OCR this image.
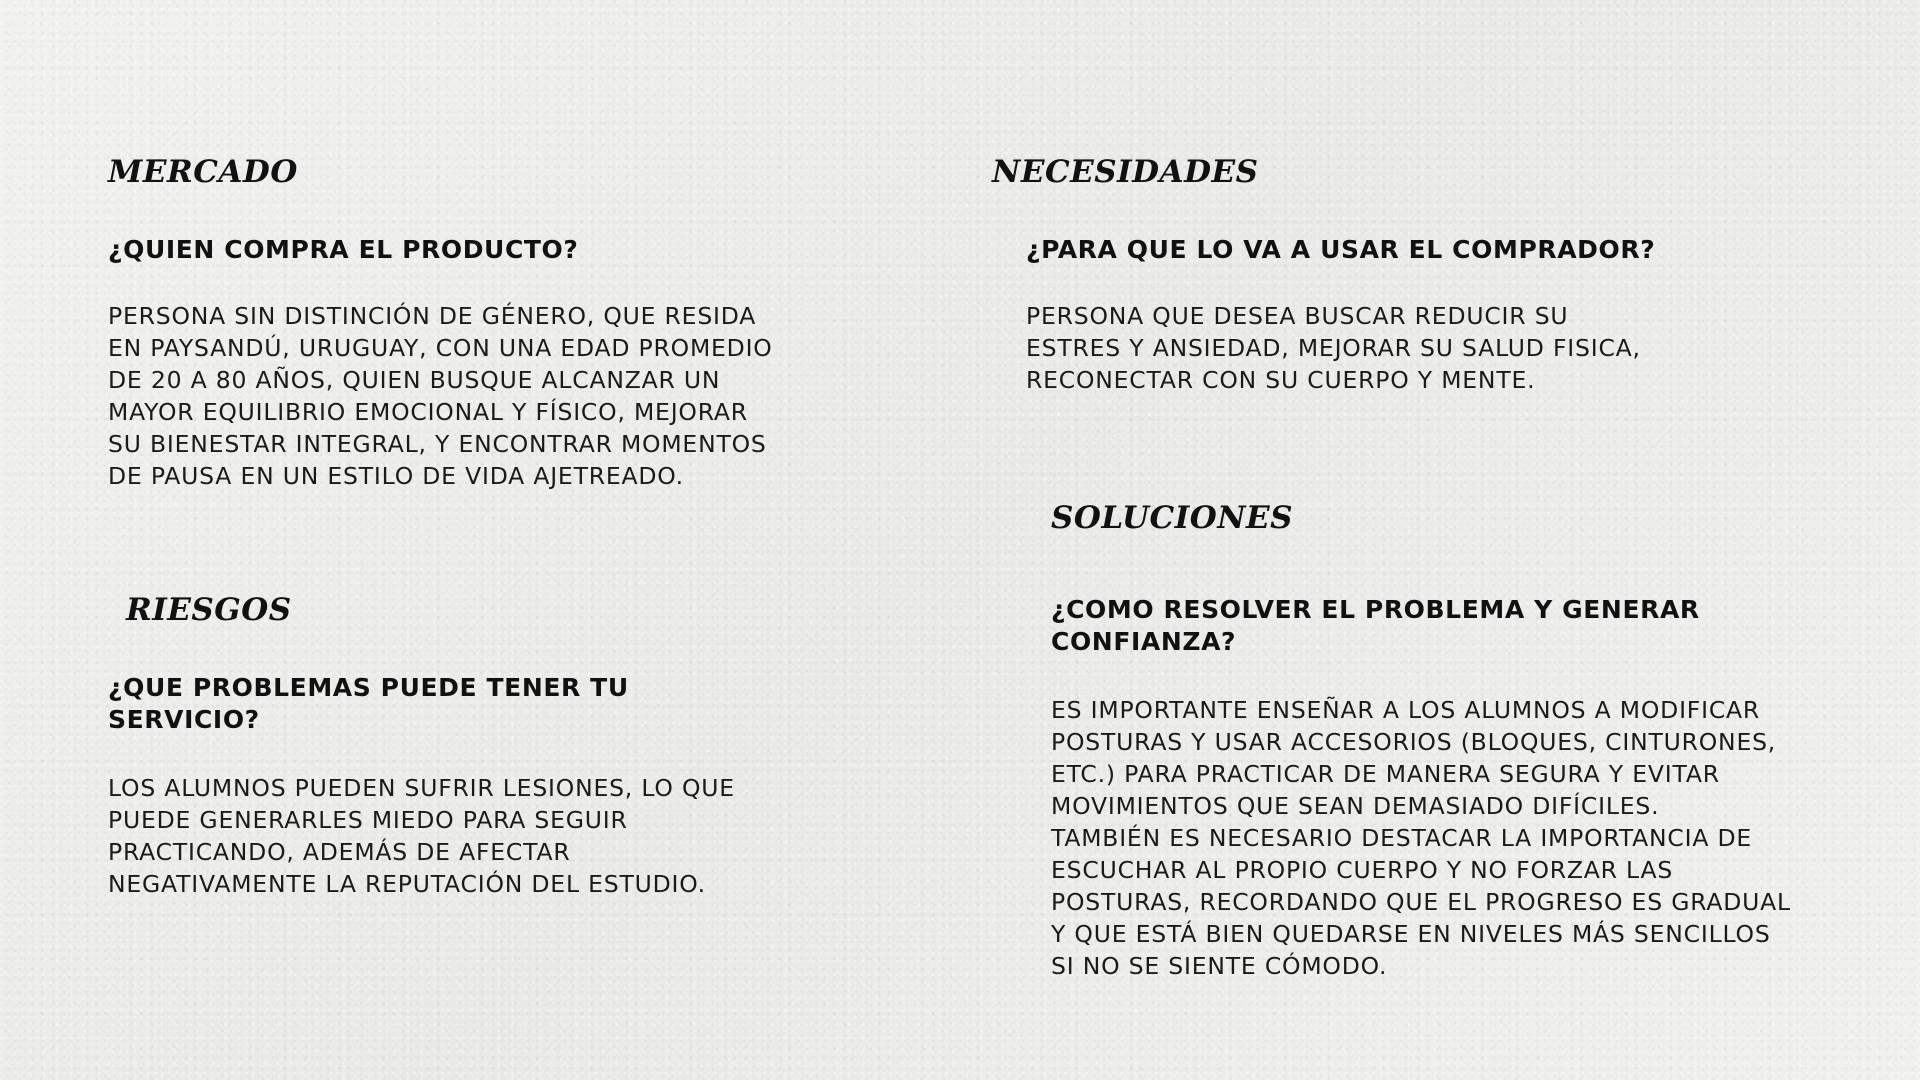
MERCADO

¿QUIEN COMPRA EL PRODUCTO?

PERSONA SIN DISTINCIÓN DE GÉNERO, QUE RESIDA EN PAYSANDÚ, URUGUAY, CON UNA EDAD PROMEDIO DE 20 A 80 AÑOS, QUIEN BUSQUE ALCANZAR UN MAYOR EQUILIBRIO EMOCIONAL Y FÍSICO, MEJORAR SU BIENESTAR INTEGRAL, Y ENCONTRAR MOMENTOS DE PAUSA EN UN ESTILO DE VIDA AJETREADO.

RIESGOS

¿QUE PROBLEMAS PUEDE TENER TU SERVICIO?

LOS ALUMNOS PUEDEN SUFRIR LESIONES, LO QUE PUEDE GENERARLES MIEDO PARA SEGUIR PRACTICANDO, ADEMÁS DE AFECTAR NEGATIVAMENTE LA REPUTACIÓN DEL ESTUDIO.

NECESIDADES

¿PARA QUE LO VA A USAR EL COMPRADOR?

PERSONA QUE DESEA BUSCAR REDUCIR SU ESTRES Y ANSIEDAD, MEJORAR SU SALUD FISICA, RECONECTAR CON SU CUERPO Y MENTE.

SOLUCIONES

¿COMO RESOLVER EL PROBLEMA Y GENERAR CONFIANZA?

ES IMPORTANTE ENSEÑAR A LOS ALUMNOS A MODIFICAR POSTURAS Y USAR ACCESORIOS (BLOQUES, CINTURONES, ETC.) PARA PRACTICAR DE MANERA SEGURA Y EVITAR MOVIMIENTOS QUE SEAN DEMASIADO DIFÍCILES.
TAMBIÉN ES NECESARIO DESTACAR LA IMPORTANCIA DE ESCUCHAR AL PROPIO CUERPO Y NO FORZAR LAS POSTURAS, RECORDANDO QUE EL PROGRESO ES GRADUAL Y QUE ESTÁ BIEN QUEDARSE EN NIVELES MÁS SENCILLOS SI NO SE SIENTE CÓMODO.
